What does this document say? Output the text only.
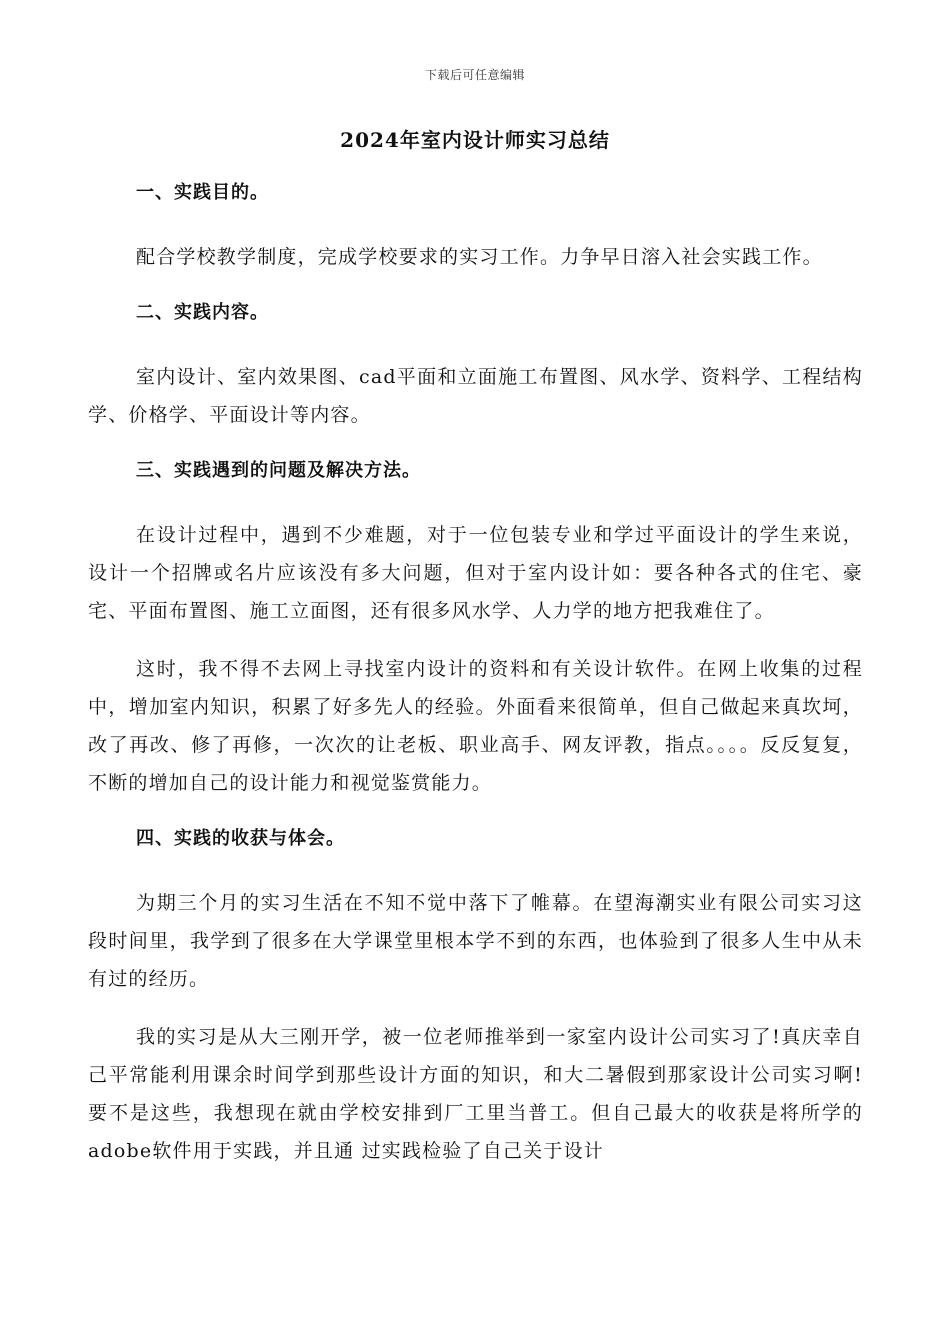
下载后可任意编辑
2024年室内设计师实习总结
一、实践目的。

配合学校教学制度，完成学校要求的实习工作。力争早日溶入社会实践工作。

二、实践内容。

室内设计、室内效果图、cad平面和立面施工布置图、风水学、资料学、工程结构学、价格学、平面设计等内容。

三、实践遇到的问题及解决方法。

在设计过程中，遇到不少难题，对于一位包装专业和学过平面设计的学生来说，设计一个招牌或名片应该没有多大问题，但对于室内设计如：要各种各式的住宅、豪宅、平面布置图、施工立面图，还有很多风水学、人力学的地方把我难住了。

这时，我不得不去网上寻找室内设计的资料和有关设计软件。在网上收集的过程中，增加室内知识，积累了好多先人的经验。外面看来很简单，但自己做起来真坎坷，改了再改、修了再修，一次次的让老板、职业高手、网友评教，指点。。。。反反复复，不断的增加自己的设计能力和视觉鉴赏能力。

四、实践的收获与体会。

为期三个月的实习生活在不知不觉中落下了帷幕。在望海潮实业有限公司实习这段时间里，我学到了很多在大学课堂里根本学不到的东西，也体验到了很多人生中从未有过的经历。

我的实习是从大三刚开学，被一位老师推举到一家室内设计公司实习了!真庆幸自己平常能利用课余时间学到那些设计方面的知识，和大二暑假到那家设计公司实习啊!要不是这些，我想现在就由学校安排到厂工里当普工。但自己最大的收获是将所学的adobe软件用于实践，并且通 过实践检验了自己关于设计
